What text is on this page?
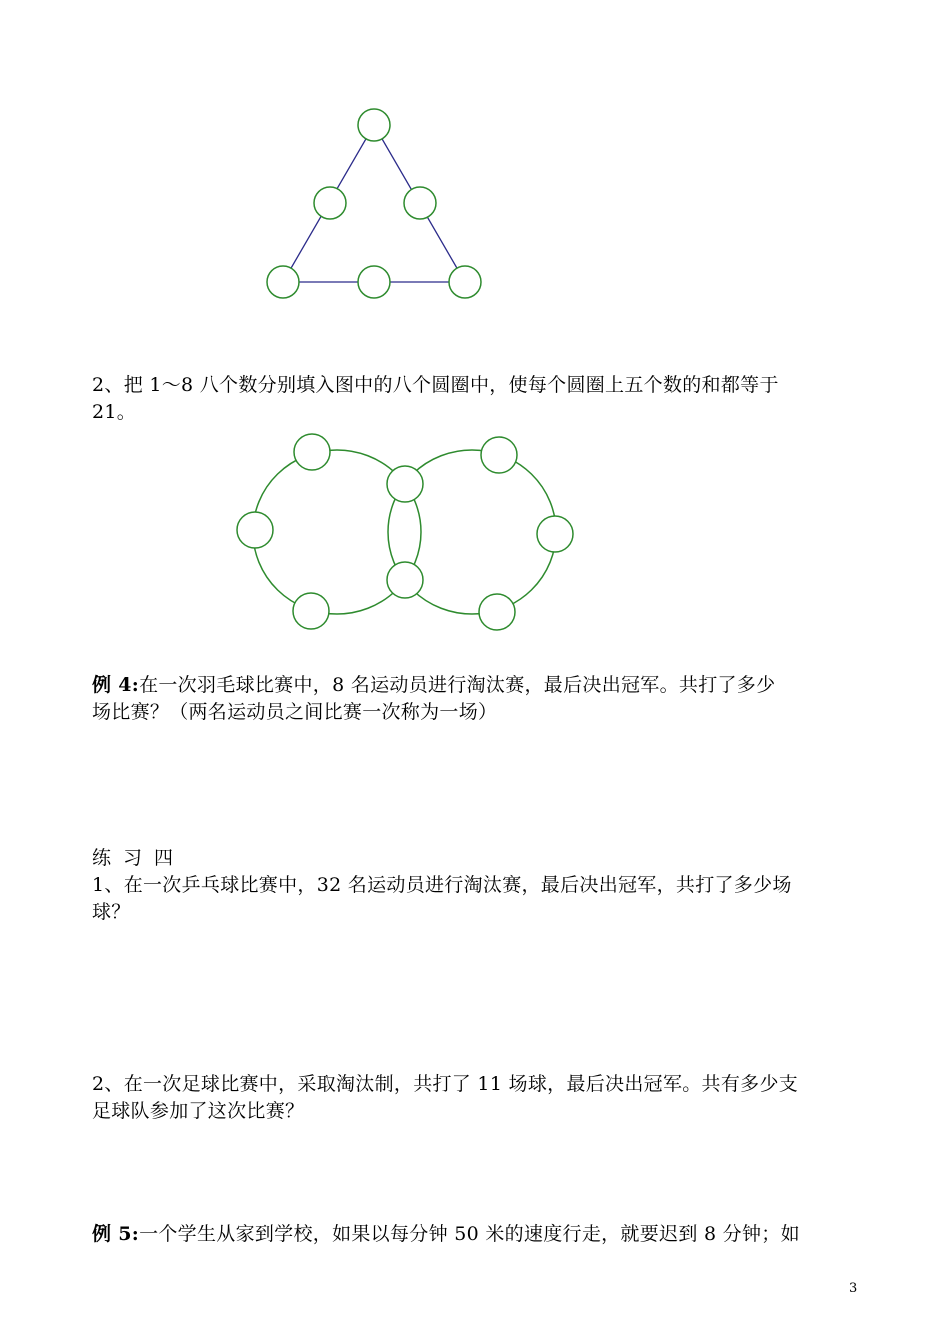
2、把 1～8 八个数分别填入图中的八个圆圈中，使每个圆圈上五个数的和都等于

21。

例 4:在一次羽毛球比赛中，8 名运动员进行淘汰赛，最后决出冠军。共打了多少

场比赛？（两名运动员之间比赛一次称为一场）

练习四

1、在一次乒乓球比赛中，32 名运动员进行淘汰赛，最后决出冠军，共打了多少场

球？

2、在一次足球比赛中，采取淘汰制，共打了 11 场球，最后决出冠军。共有多少支

足球队参加了这次比赛？

例 5:一个学生从家到学校，如果以每分钟 50 米的速度行走，就要迟到 8 分钟；如

3
